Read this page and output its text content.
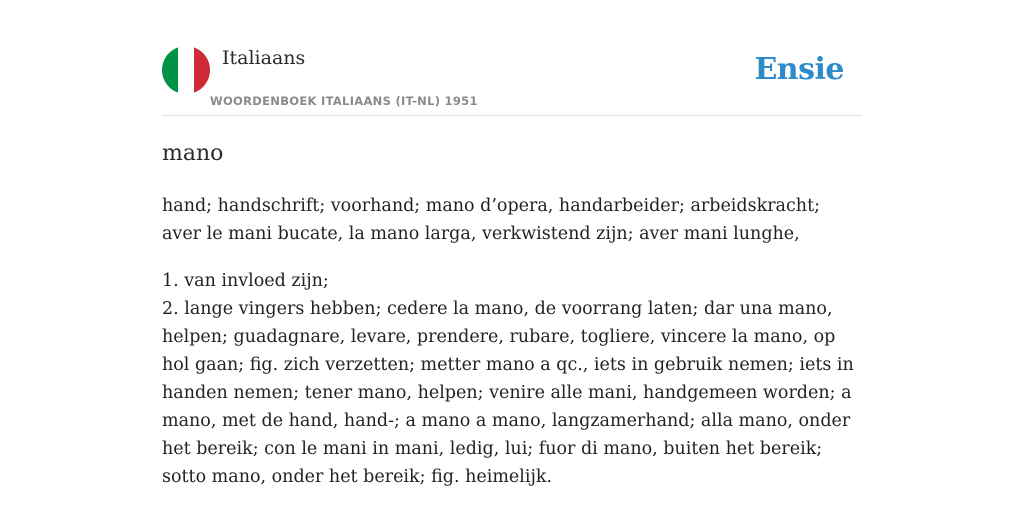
Italiaans
WOORDENBOEK ITALIAANS (IT-NL) 1951
Ensie
mano

hand; handschrift; voorhand; mano d’opera, handarbeider; arbeidskracht; aver le mani bucate, la mano larga, verkwistend zijn; aver mani lunghe,

1. van invloed zijn;
2. lange vingers hebben; cedere la mano, de voorrang laten; dar una mano, helpen; guadagnare, levare, prendere, rubare, togliere, vincere la mano, op hol gaan; fig. zich verzetten; metter mano a qc., iets in gebruik nemen; iets in handen nemen; tener mano, helpen; venire alle mani, handgemeen worden; a mano, met de hand, hand-; a mano a mano, langzamerhand; alla mano, onder het bereik; con le mani in mani, ledig, lui; fuor di mano, buiten het bereik; sotto mano, onder het bereik; fig. heimelijk.
